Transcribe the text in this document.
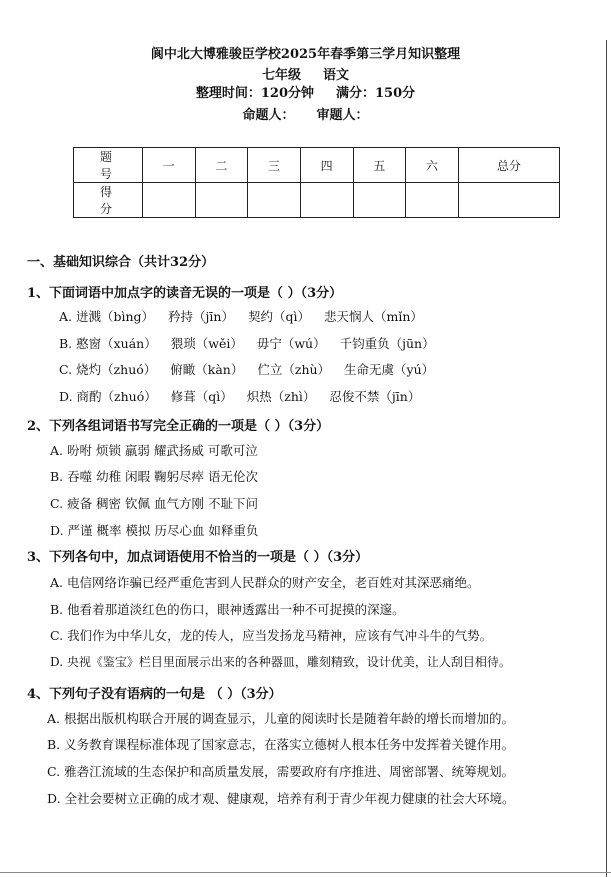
阆中北大博雅骏臣学校2025年春季第三学月知识整理
七年级 语文
整理时间：120分钟 满分：150分
命题人： 审题人：
题 号	一	二	三	四	五	六	总分
得 分							
一、基础知识综合（共计32分）
1、下面词语中加点字的读音无误的一项是（ ）（3分）
A. 迸溅（bìng） 矜持（jīn） 契约（qì） 悲天悯人（mǐn）
B. 憨窗（xuán） 猥琐（wěi） 毋宁（wú） 千钧重负（jūn）
C. 烧灼（zhuó） 俯瞰（kàn） 伫立（zhù） 生命无虞（yú）
D. 商酌（zhuó） 修葺（qì） 炽热（zhì） 忍俊不禁（jīn）
2、下列各组词语书写完全正确的一项是（ ）（3分）
A. 吩咐 烦锁 羸弱 耀武扬威 可歌可泣
B. 吞噬 幼稚 闲暇 鞠躬尽瘁 语无伦次
C. 疲备 稠密 钦佩 血气方刚 不耻下问
D. 严谨 概率 模拟 历尽心血 如释重负
3、下列各句中，加点词语使用不恰当的一项是（ ）（3分）
A. 电信网络诈骗已经严重危害到人民群众的财产安全，老百姓对其深恶痛绝。
B. 他看着那道淡红色的伤口，眼神透露出一种不可捉摸的深邃。
C. 我们作为中华儿女，龙的传人，应当发扬龙马精神，应该有气冲斗牛的气势。
D. 央视《鉴宝》栏目里面展示出来的各种器皿，雕刻精致，设计优美，让人刮目相待。
4、下列句子没有语病的一句是 （ ）（3分）
A. 根据出版机构联合开展的调查显示，儿童的阅读时长是随着年龄的增长而增加的。
B. 义务教育课程标准体现了国家意志，在落实立德树人根本任务中发挥着关键作用。
C. 雅砻江流域的生态保护和高质量发展，需要政府有序推进、周密部署、统筹规划。
D. 全社会要树立正确的成才观、健康观，培养有利于青少年视力健康的社会大环境。
